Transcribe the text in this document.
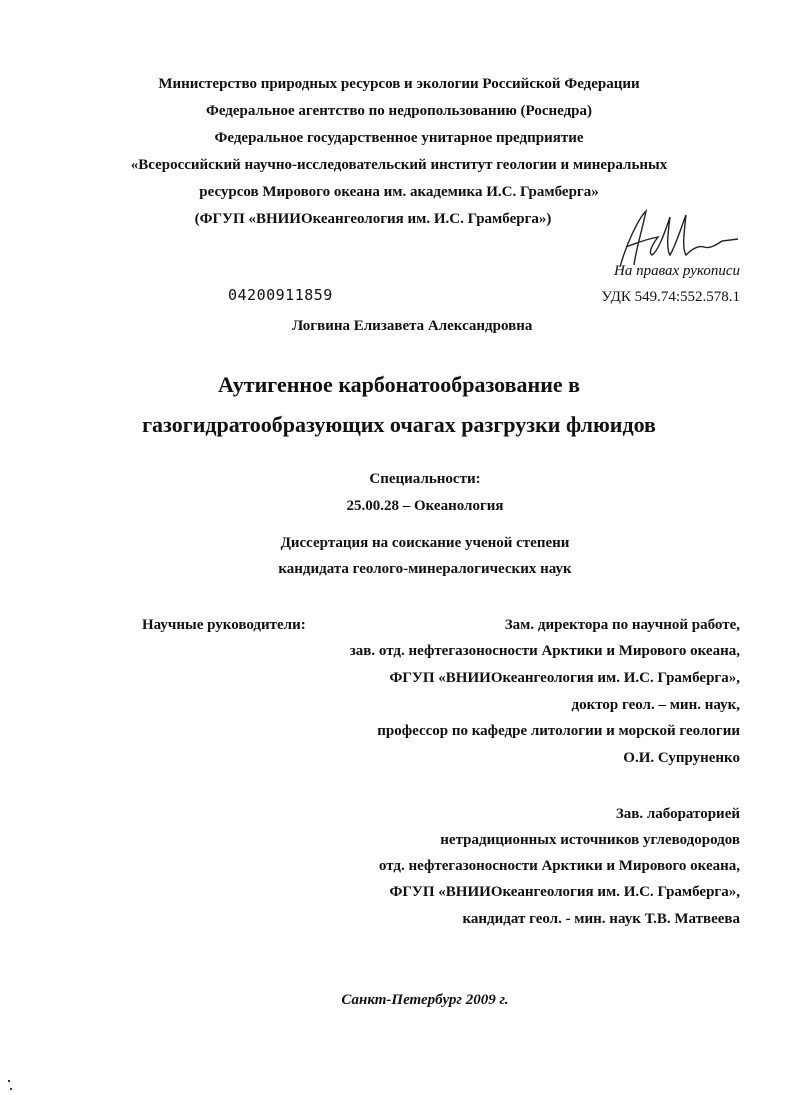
Министерство природных ресурсов и экологии Российской Федерации
Федеральное агентство по недропользованию (Роснедра)
Федеральное государственное унитарное предприятие
«Всероссийский научно-исследовательский институт геологии и минеральных
ресурсов Мирового океана им. академика И.С. Грамберга»
(ФГУП «ВНИИОкеангеология им. И.С. Грамберга»)
На правах рукописи
04200911859	УДК 549.74:552.578.1
Логвина Елизавета Александровна
Аутигенное карбонатообразование в
газогидратообразующих очагах разгрузки флюидов
Специальности:
25.00.28 – Океанология
Диссертация на соискание ученой степени
кандидата геолого-минералогических наук
Научные руководители:	Зам. директора по научной работе,
зав. отд. нефтегазоносности Арктики и Мирового океана,
ФГУП «ВНИИОкеангеология им. И.С. Грамберга»,
доктор геол. – мин. наук,
профессор по кафедре литологии и морской геологии
О.И. Супруненко
Зав. лабораторией
нетрадиционных источников углеводородов
отд. нефтегазоносности Арктики и Мирового океана,
ФГУП «ВНИИОкеангеология им. И.С. Грамберга»,
кандидат геол. - мин. наук Т.В. Матвеева
Санкт-Петербург 2009 г.
